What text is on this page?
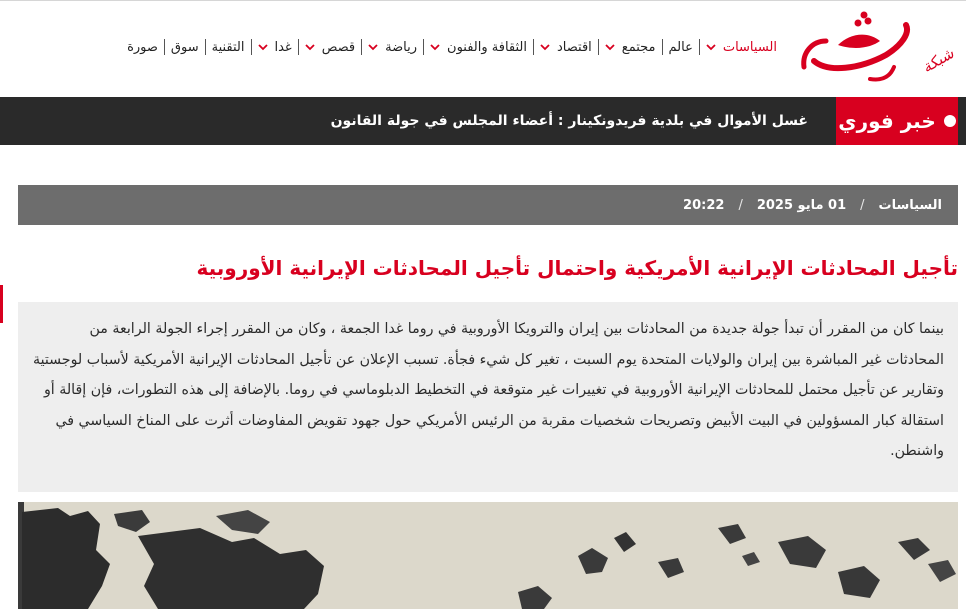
شبكة
السياسات
عالم
مجتمع
اقتصاد
الثقافة والفنون
رياضة
قصص
غدا
التقنية
سوق
صورة
خبر فوري
غسل الأموال في بلدية فريدونكينار : أعضاء المجلس في جولة القانون
السياسات
/
01 مايو 2025
/
20:22
تأجيل المحادثات الإيرانية الأمريكية واحتمال تأجيل المحادثات الإيرانية الأوروبية

بينما كان من المقرر أن تبدأ جولة جديدة من المحادثات بين إيران والترويكا الأوروبية في روما غدا الجمعة ، وكان من المقرر إجراء الجولة الرابعة من المحادثات غير المباشرة بين إيران والولايات المتحدة يوم السبت ، تغير كل شيء فجأة. تسبب الإعلان عن تأجيل المحادثات الإيرانية الأمريكية لأسباب لوجستية وتقارير عن تأجيل محتمل للمحادثات الإيرانية الأوروبية في تغييرات غير متوقعة في التخطيط الدبلوماسي في روما. بالإضافة إلى هذه التطورات، فإن إقالة أو استقالة كبار المسؤولين في البيت الأبيض وتصريحات شخصيات مقربة من الرئيس الأمريكي حول جهود تقويض المفاوضات أثرت على المناخ السياسي في واشنطن.
